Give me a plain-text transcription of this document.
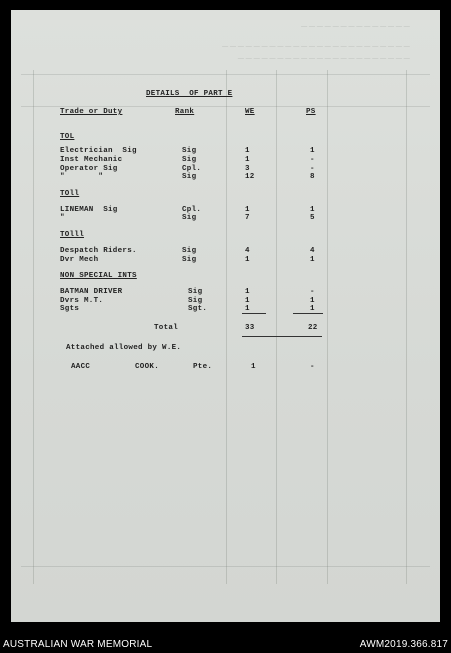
— — — — — — — — — — — — — —
— — — — — — — — — — — — — — — — — — — — — — — —
— — — — — — — — — — — — — — — — — — — — — —
DETAILS  OF PART E
Trade or Duty	Rank	WE	PS
TOL
Electrician  Sig	Sig	1	1
Inst Mechanic	Sig	1	-
Operator Sig	Cpl.	3	-
"       "	Sig	12	8
TOll
LINEMAN  Sig	Cpl.	1	1
"	Sig	7	5
TOlll
Despatch Riders.	Sig	4	4
Dvr Mech	Sig	1	1
NON SPECIAL INTS
BATMAN DRIVER	Sig	1	-
Dvrs M.T.	Sig	1	1
Sgts	Sgt.	1	1
Total	33	22
Attached allowed by W.E.
AACC	COOK.	Pte.	1	-
AUSTRALIAN WAR MEMORIAL	AWM2019.366.817
